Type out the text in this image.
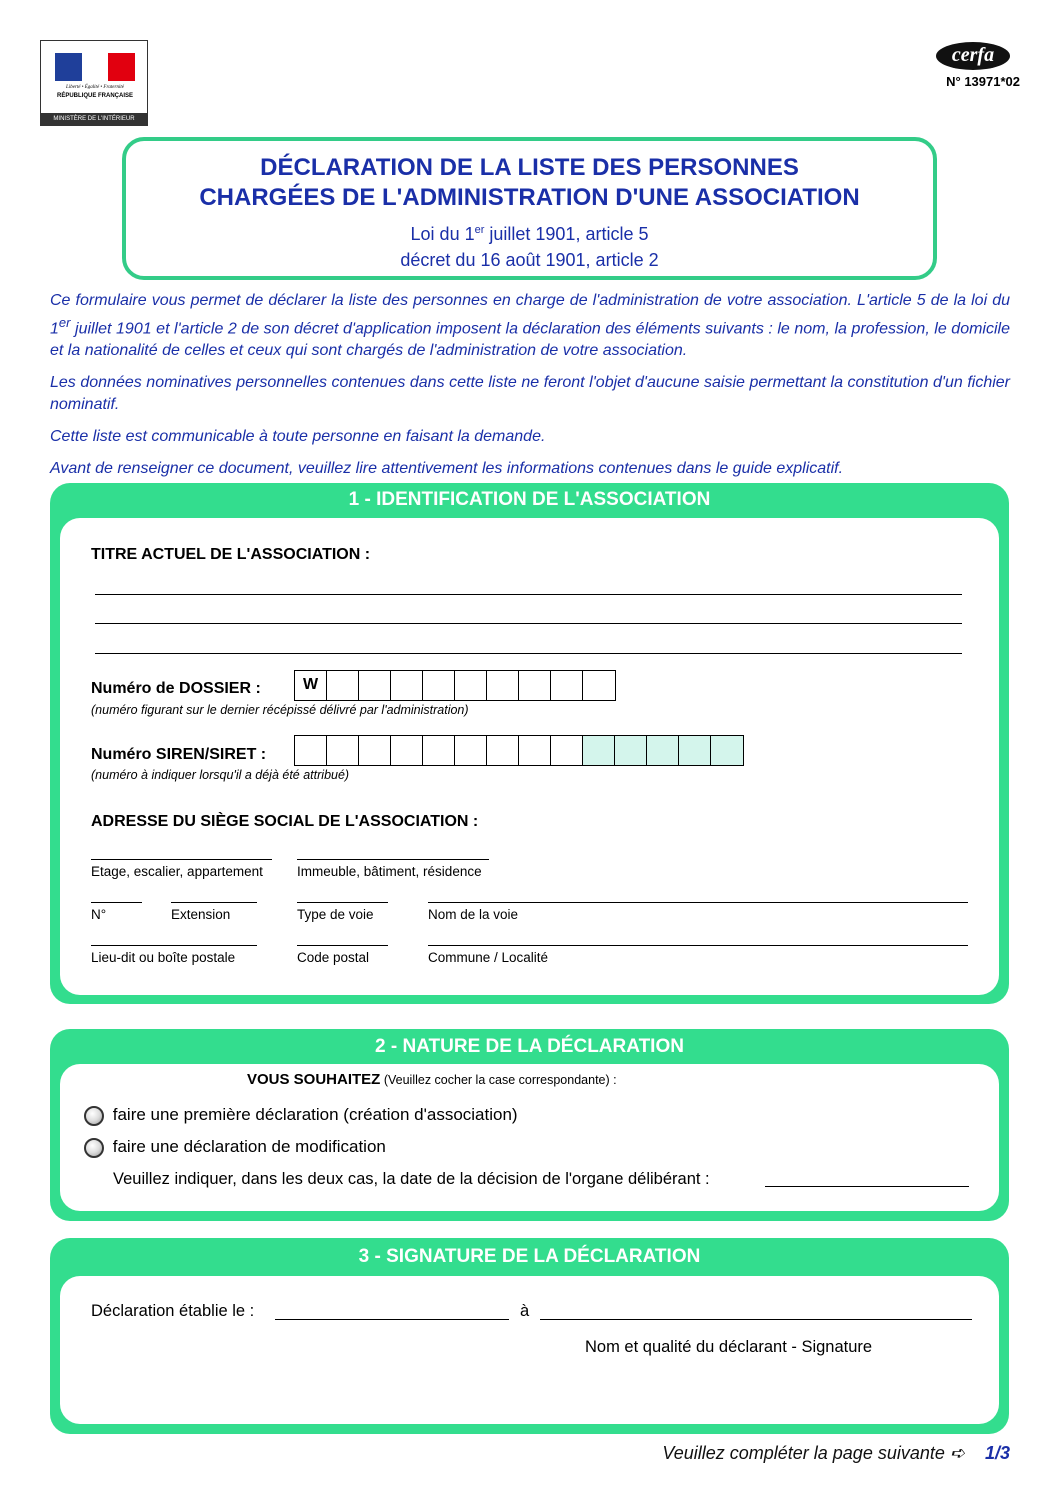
Liberté • Égalité • Fraternité
RÉPUBLIQUE FRANÇAISE
MINISTÈRE DE L'INTÉRIEUR
cerfa
N° 13971*02
DÉCLARATION DE LA LISTE DES PERSONNES
CHARGÉES DE L'ADMINISTRATION D'UNE ASSOCIATION
Loi du 1er juillet 1901, article 5
décret du 16 août 1901, article 2

Ce formulaire vous permet de déclarer la liste des personnes en charge de l'administration de votre association. L'article 5 de la loi du 1er juillet 1901 et l'article 2 de son décret d'application imposent la déclaration des éléments suivants : le nom, la profession, le domicile et la nationalité de celles et ceux qui sont chargés de l'administration de votre association.

Les données nominatives personnelles contenues dans cette liste ne feront l'objet d'aucune saisie permettant la constitution d'un fichier nominatif.

Cette liste est communicable à toute personne en faisant la demande.

Avant de renseigner ce document, veuillez lire attentivement les informations contenues dans le guide explicatif.

1 - IDENTIFICATION DE L'ASSOCIATION
TITRE ACTUEL DE L'ASSOCIATION :
Numéro de DOSSIER :	W
(numéro figurant sur le dernier récépissé délivré par l'administration)
Numéro SIREN/SIRET :
(numéro à indiquer lorsqu'il a déjà été attribué)
ADRESSE DU SIÈGE SOCIAL DE L'ASSOCIATION :
Etage, escalier, appartement	Immeuble, bâtiment, résidence
N°	Extension	Type de voie	Nom de la voie
Lieu-dit ou boîte postale	Code postal	Commune / Localité
2 - NATURE DE LA DÉCLARATION
VOUS SOUHAITEZ (Veuillez cocher la case correspondante) :
faire une première déclaration (création d'association)
faire une déclaration de modification
Veuillez indiquer, dans les deux cas, la date de la décision de l'organe délibérant :
3 - SIGNATURE DE LA DÉCLARATION
Déclaration établie le :	à
Nom et qualité du déclarant - Signature
Veuillez compléter la page suivante ➪ 1/3
